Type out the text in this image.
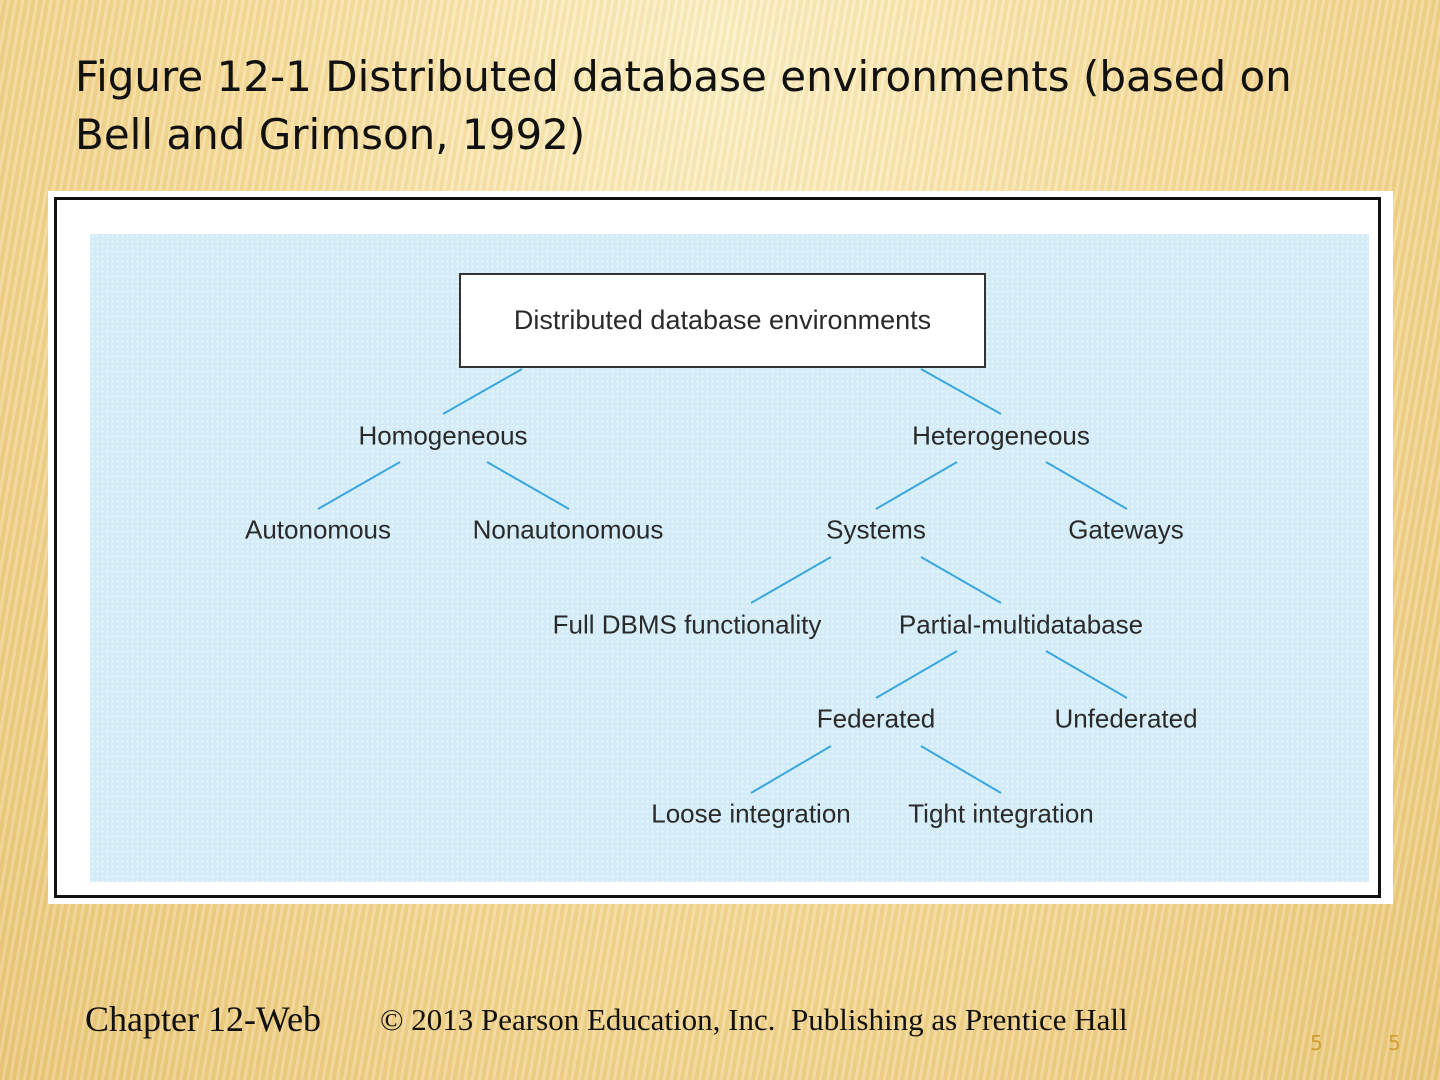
Figure 12-1 Distributed database environments (based on Bell and Grimson, 1992)
Distributed database environments
Homogeneous	Heterogeneous
Autonomous	Nonautonomous	Systems	Gateways
Full DBMS functionality	Partial-multidatabase
Federated	Unfederated
Loose integration Tight integration
Chapter 12-Web © 2013 Pearson Education, Inc.  Publishing as Prentice Hall
5	5
